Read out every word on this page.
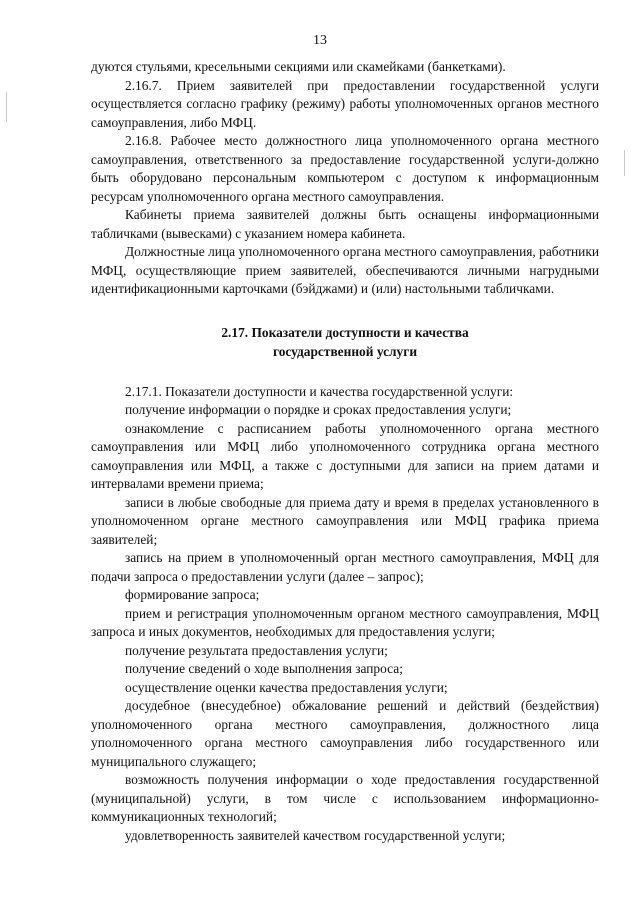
13

дуются стульями, кресельными секциями или скамейками (банкетками).

2.16.7. Прием заявителей при предоставлении государственной услуги осуществляется согласно графику (режиму) работы уполномоченных органов местного самоуправления, либо МФЦ.

2.16.8. Рабочее место должностного лица уполномоченного органа местного самоуправления, ответственного за предоставление государственной услуги-должно быть оборудовано персональным компьютером с доступом к информационным ресурсам уполномоченного органа местного самоуправления.

Кабинеты приема заявителей должны быть оснащены информационными табличками (вывесками) с указанием номера кабинета.

Должностные лица уполномоченного органа местного самоуправления, работники МФЦ, осуществляющие прием заявителей, обеспечиваются личными нагрудными идентификационными карточками (бэйджами) и (или) настольными табличками.

2.17. Показатели доступности и качества
государственной услуги

2.17.1. Показатели доступности и качества государственной услуги:

получение информации о порядке и сроках предоставления услуги;

ознакомление с расписанием работы уполномоченного органа местного самоуправления или МФЦ либо уполномоченного сотрудника органа местного самоуправления или МФЦ, а также с доступными для записи на прием датами и интервалами времени приема;

записи в любые свободные для приема дату и время в пределах установленного в уполномоченном органе местного самоуправления или МФЦ графика приема заявителей;

запись на прием в уполномоченный орган местного самоуправления, МФЦ для подачи запроса о предоставлении услуги (далее – запрос);

формирование запроса;

прием и регистрация уполномоченным органом местного самоуправления, МФЦ запроса и иных документов, необходимых для предоставления услуги;

получение результата предоставления услуги;

получение сведений о ходе выполнения запроса;

осуществление оценки качества предоставления услуги;

досудебное (внесудебное) обжалование решений и действий (бездействия) уполномоченного органа местного самоуправления, должностного лица уполномоченного органа местного самоуправления либо государственного или муниципального служащего;

возможность получения информации о ходе предоставления государственной (муниципальной) услуги, в том числе с использованием информационно-коммуникационных технологий;

удовлетворенность заявителей качеством государственной услуги;
